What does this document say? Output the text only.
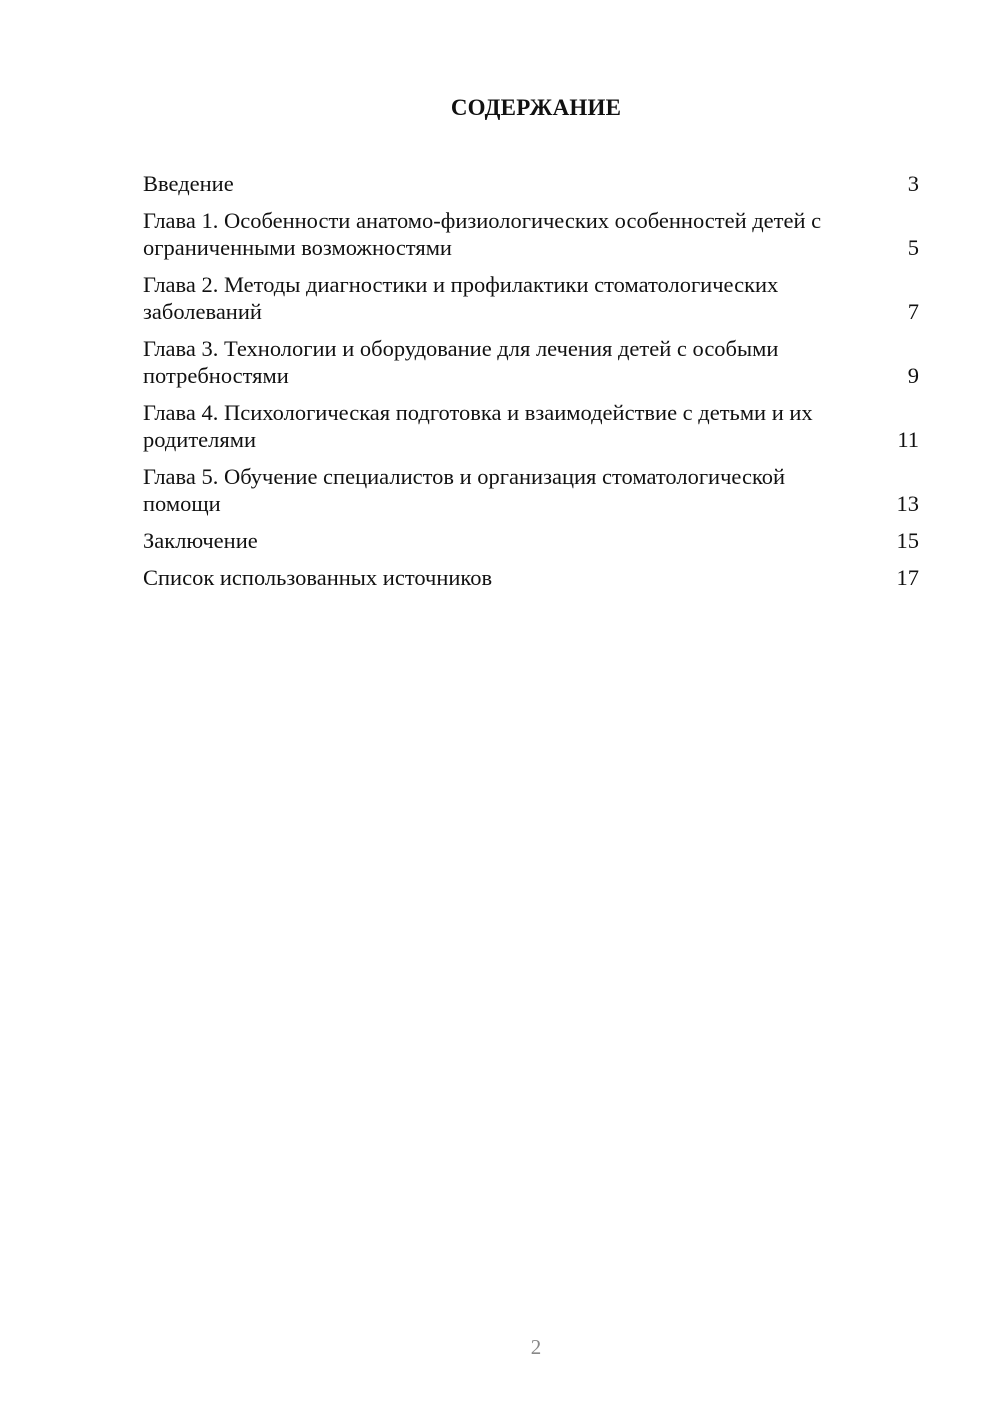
СОДЕРЖАНИЕ
Введение	3
Глава 1. Особенности анатомо-физиологических особенностей детей с ограниченными возможностями	5
Глава 2. Методы диагностики и профилактики стоматологических заболеваний	7
Глава 3. Технологии и оборудование для лечения детей с особыми потребностями	9
Глава 4. Психологическая подготовка и взаимодействие с детьми и их родителями	11
Глава 5. Обучение специалистов и организация стоматологической помощи	13
Заключение	15
Список использованных источников	17
2
